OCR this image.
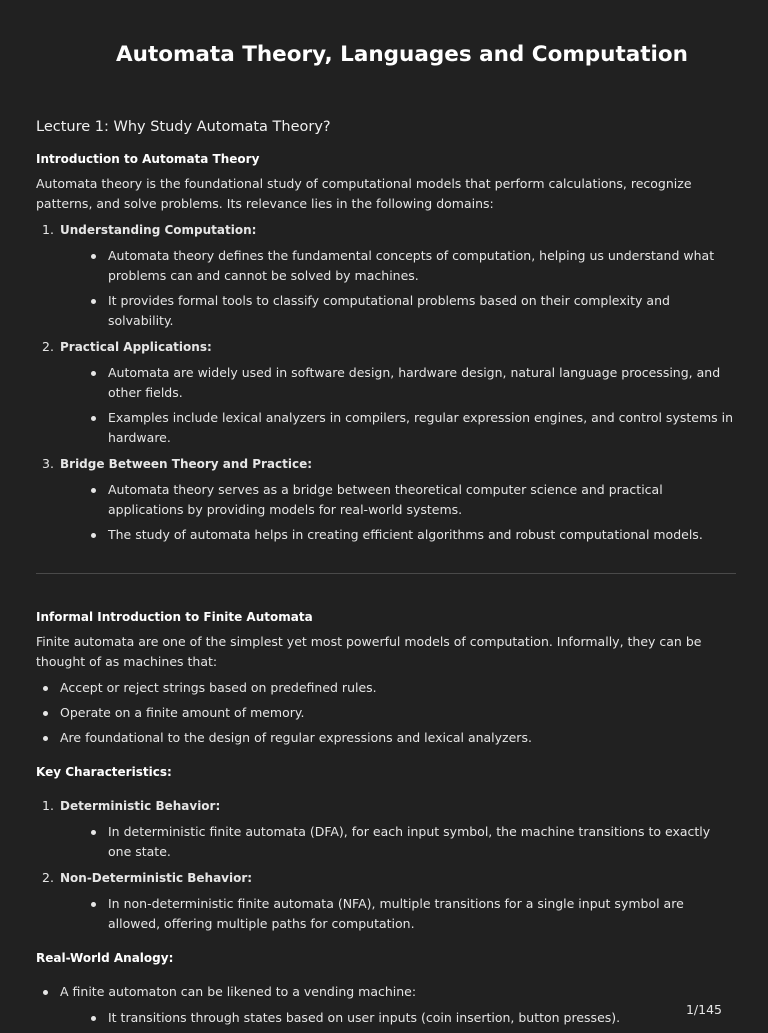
Automata Theory, Languages and Computation
Lecture 1: Why Study Automata Theory?
Introduction to Automata Theory

Automata theory is the foundational study of computational models that perform calculations, recognize patterns, and solve problems. Its relevance lies in the following domains:

1. Understanding Computation:
Automata theory defines the fundamental concepts of computation, helping us understand what problems can and cannot be solved by machines.
It provides formal tools to classify computational problems based on their complexity and solvability.
2. Practical Applications:
Automata are widely used in software design, hardware design, natural language processing, and other fields.
Examples include lexical analyzers in compilers, regular expression engines, and control systems in hardware.
3. Bridge Between Theory and Practice:
Automata theory serves as a bridge between theoretical computer science and practical applications by providing models for real-world systems.
The study of automata helps in creating efficient algorithms and robust computational models.
Informal Introduction to Finite Automata

Finite automata are one of the simplest yet most powerful models of computation. Informally, they can be thought of as machines that:

Accept or reject strings based on predefined rules.
Operate on a finite amount of memory.
Are foundational to the design of regular expressions and lexical analyzers.
Key Characteristics:
1. Deterministic Behavior:
In deterministic finite automata (DFA), for each input symbol, the machine transitions to exactly one state.
2. Non-Deterministic Behavior:
In non-deterministic finite automata (NFA), multiple transitions for a single input symbol are allowed, offering multiple paths for computation.
Real-World Analogy:
A finite automaton can be likened to a vending machine:
It transitions through states based on user inputs (coin insertion, button presses).
1/145
